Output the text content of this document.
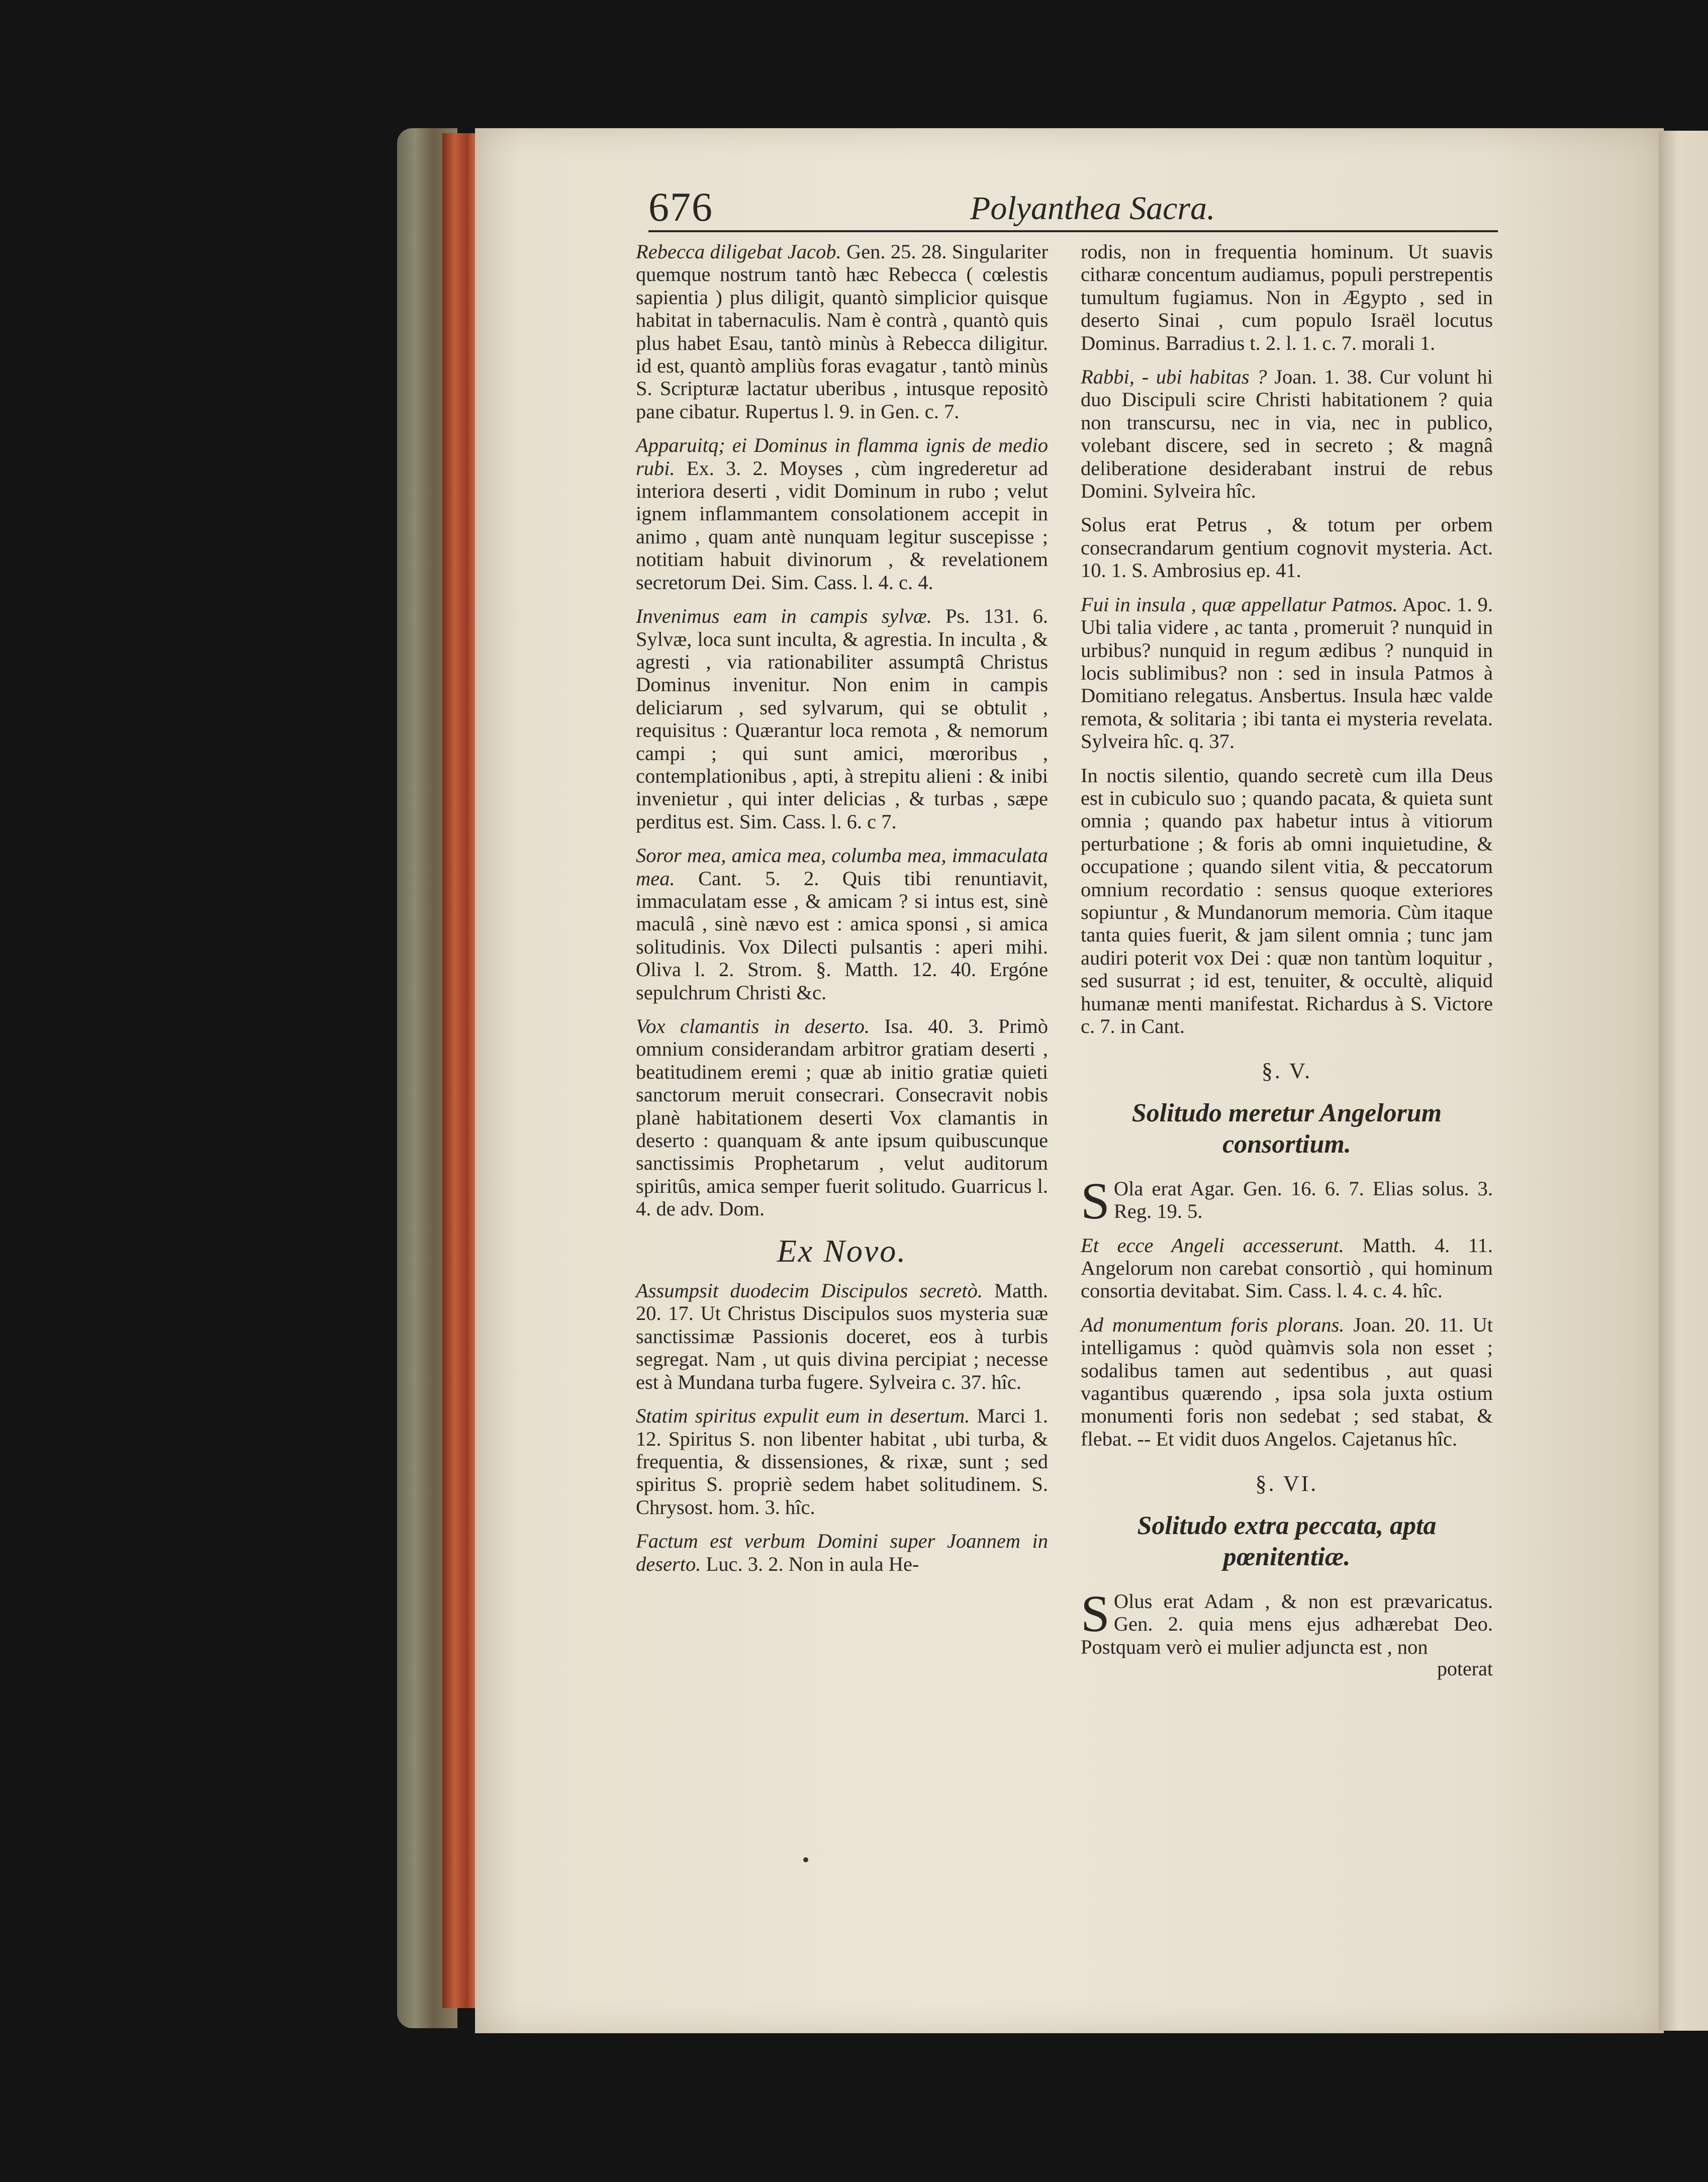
676	Polyanthea Sacra.

Rebecca diligebat Jacob. Gen. 25. 28. Singulariter quemque nostrum tantò hæc Rebecca ( cœlestis sapientia ) plus diligit, quantò simplicior quisque habitat in tabernaculis. Nam è contrà , quantò quis plus habet Esau, tantò minùs à Rebecca diligitur. id est, quantò ampliùs foras evagatur , tantò minùs S. Scripturæ lactatur uberibus , intusque repositò pane cibatur. Rupertus l. 9. in Gen. c. 7.

Apparuitq; ei Dominus in flamma ignis de medio rubi. Ex. 3. 2. Moyses , cùm ingrederetur ad interiora deserti , vidit Dominum in rubo ; velut ignem inflammantem consolationem accepit in animo , quam antè nunquam legitur suscepisse ; notitiam habuit divinorum , & revelationem secretorum Dei. Sim. Cass. l. 4. c. 4.

Invenimus eam in campis sylvæ. Ps. 131. 6. Sylvæ, loca sunt inculta, & agrestia. In inculta , & agresti , via rationabiliter assumptâ Christus Dominus invenitur. Non enim in campis deliciarum , sed sylvarum, qui se obtulit , requisitus : Quærantur loca remota , & nemorum campi ; qui sunt amici, mœroribus , contemplationibus , apti, à strepitu alieni : & inibi invenietur , qui inter delicias , & turbas , sæpe perditus est. Sim. Cass. l. 6. c 7.

Soror mea, amica mea, columba mea, immaculata mea. Cant. 5. 2. Quis tibi renuntiavit, immaculatam esse , & amicam ? si intus est, sinè maculâ , sinè nævo est : amica sponsi , si amica solitudinis. Vox Dilecti pulsantis : aperi mihi. Oliva l. 2. Strom. §. Matth. 12. 40. Ergóne sepulchrum Christi &c.

Vox clamantis in deserto. Isa. 40. 3. Primò omnium considerandam arbitror gratiam deserti , beatitudinem eremi ; quæ ab initio gratiæ quieti sanctorum meruit consecrari. Consecravit nobis planè habitationem deserti Vox clamantis in deserto : quanquam & ante ipsum quibuscunque sanctissimis Prophetarum , velut auditorum spiritûs, amica semper fuerit solitudo. Guarricus l. 4. de adv. Dom.

Ex Novo.

Assumpsit duodecim Discipulos secretò. Matth. 20. 17. Ut Christus Discipulos suos mysteria suæ sanctissimæ Passionis doceret, eos à turbis segregat. Nam , ut quis divina percipiat ; necesse est à Mundana turba fugere. Sylveira c. 37. hîc.

Statim spiritus expulit eum in desertum. Marci 1. 12. Spiritus S. non libenter habitat , ubi turba, & frequentia, & dissensiones, & rixæ, sunt ; sed spiritus S. propriè sedem habet solitudinem. S. Chrysost. hom. 3. hîc.

Factum est verbum Domini super Joannem in deserto. Luc. 3. 2. Non in aula He-

rodis, non in frequentia hominum. Ut suavis citharæ concentum audiamus, populi perstrepentis tumultum fugiamus. Non in Ægypto , sed in deserto Sinai , cum populo Israël locutus Dominus. Barradius t. 2. l. 1. c. 7. morali 1.

Rabbi, - ubi habitas ? Joan. 1. 38. Cur volunt hi duo Discipuli scire Christi habitationem ? quia non transcursu, nec in via, nec in publico, volebant discere, sed in secreto ; & magnâ deliberatione desiderabant instrui de rebus Domini. Sylveira hîc.

Solus erat Petrus , & totum per orbem consecrandarum gentium cognovit mysteria. Act. 10. 1. S. Ambrosius ep. 41.

Fui in insula , quæ appellatur Patmos. Apoc. 1. 9. Ubi talia videre , ac tanta , promeruit ? nunquid in urbibus? nunquid in regum ædibus ? nunquid in locis sublimibus? non : sed in insula Patmos à Domitiano relegatus. Ansbertus. Insula hæc valde remota, & solitaria ; ibi tanta ei mysteria revelata. Sylveira hîc. q. 37.

In noctis silentio, quando secretè cum illa Deus est in cubiculo suo ; quando pacata, & quieta sunt omnia ; quando pax habetur intus à vitiorum perturbatione ; & foris ab omni inquietudine, & occupatione ; quando silent vitia, & peccatorum omnium recordatio : sensus quoque exteriores sopiuntur , & Mundanorum memoria. Cùm itaque tanta quies fuerit, & jam silent omnia ; tunc jam audiri poterit vox Dei : quæ non tantùm loquitur , sed susurrat ; id est, tenuiter, & occultè, aliquid humanæ menti manifestat. Richardus à S. Victore c. 7. in Cant.

§. V.
Solitudo meretur Angelorum consortium.

S Ola erat Agar. Gen. 16. 6. 7. Elias solus. 3. Reg. 19. 5.

Et ecce Angeli accesserunt. Matth. 4. 11. Angelorum non carebat consortiò , qui hominum consortia devitabat. Sim. Cass. l. 4. c. 4. hîc.

Ad monumentum foris plorans. Joan. 20. 11. Ut intelligamus : quòd quàmvis sola non esset ; sodalibus tamen aut sedentibus , aut quasi vagantibus quærendo , ipsa sola juxta ostium monumenti foris non sedebat ; sed stabat, & flebat. -- Et vidit duos Angelos. Cajetanus hîc.

§. VI.
Solitudo extra peccata, apta pœnitentiæ.

S Olus erat Adam , & non est prævaricatus. Gen. 2. quia mens ejus adhærebat Deo. Postquam verò ei mulier adjuncta est , non

poterat
